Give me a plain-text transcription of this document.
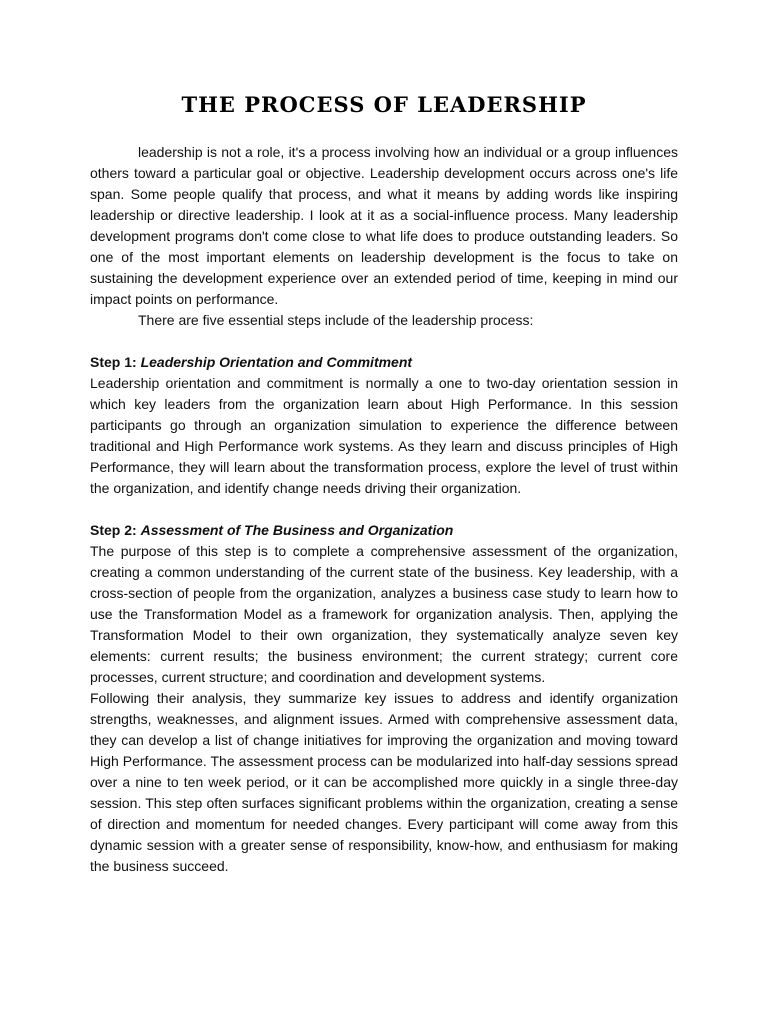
THE PROCESS OF LEADERSHIP

leadership is not a role, it's a process involving how an individual or a group influences others toward a particular goal or objective. Leadership development occurs across one's life span. Some people qualify that process, and what it means by adding words like inspiring leadership or directive leadership. I look at it as a social-influence process. Many leadership development programs don't come close to what life does to produce outstanding leaders. So one of the most important elements on leadership development is the focus to take on sustaining the development experience over an extended period of time, keeping in mind our impact points on performance.

There are five essential steps include of the leadership process:

Step 1: Leadership Orientation and Commitment

Leadership orientation and commitment is normally a one to two-day orientation session in which key leaders from the organization learn about High Performance. In this session participants go through an organization simulation to experience the difference between traditional and High Performance work systems. As they learn and discuss principles of High Performance, they will learn about the transformation process, explore the level of trust within the organization, and identify change needs driving their organization.

Step 2: Assessment of The Business and Organization

The purpose of this step is to complete a comprehensive assessment of the organization, creating a common understanding of the current state of the business. Key leadership, with a cross-section of people from the organization, analyzes a business case study to learn how to use the Transformation Model as a framework for organization analysis. Then, applying the Transformation Model to their own organization, they systematically analyze seven key elements: current results; the business environment; the current strategy; current core processes, current structure; and coordination and development systems.

Following their analysis, they summarize key issues to address and identify organization strengths, weaknesses, and alignment issues. Armed with comprehensive assessment data, they can develop a list of change initiatives for improving the organization and moving toward High Performance. The assessment process can be modularized into half-day sessions spread over a nine to ten week period, or it can be accomplished more quickly in a single three-day session. This step often surfaces significant problems within the organization, creating a sense of direction and momentum for needed changes. Every participant will come away from this dynamic session with a greater sense of responsibility, know-how, and enthusiasm for making the business succeed.
